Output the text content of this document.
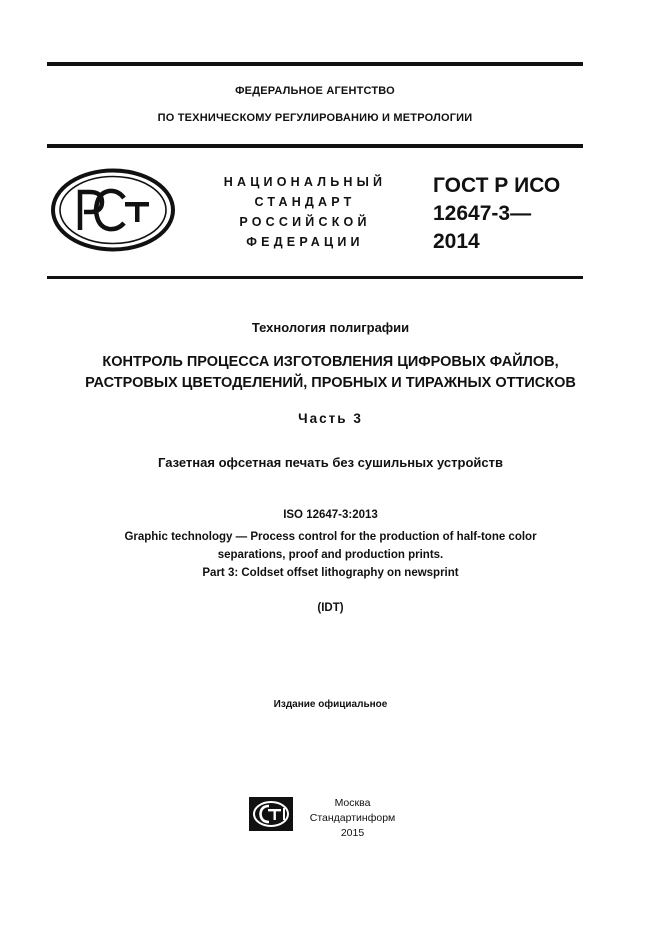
ФЕДЕРАЛЬНОЕ АГЕНТСТВО
ПО ТЕХНИЧЕСКОМУ РЕГУЛИРОВАНИЮ И МЕТРОЛОГИИ
НАЦИОНАЛЬНЫЙ
СТАНДАРТ
РОССИЙСКОЙ
ФЕДЕРАЦИИ
ГОСТ Р ИСО
12647-3—
2014
Технология полиграфии
КОНТРОЛЬ ПРОЦЕССА ИЗГОТОВЛЕНИЯ ЦИФРОВЫХ ФАЙЛОВ,
РАСТРОВЫХ ЦВЕТОДЕЛЕНИЙ, ПРОБНЫХ И ТИРАЖНЫХ ОТТИСКОВ
Часть 3
Газетная офсетная печать без сушильных устройств
ISO 12647-3:2013
Graphic technology — Process control for the production of half-tone color
separations, proof and production prints.
Part 3: Coldset offset lithography on newsprint
(IDT)
Издание официальное
Москва
Стандартинформ
2015
